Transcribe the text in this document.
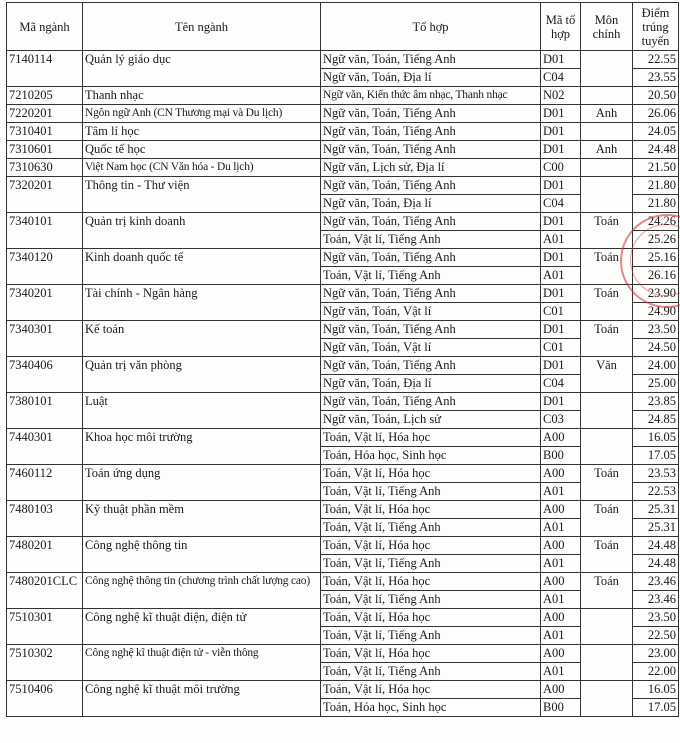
Mã ngành	Tên ngành	Tổ hợp	Mã tổ hợp	Môn chính	Điểm trúng tuyển
7140114	Quản lý giáo dục	Ngữ văn, Toán, Tiếng Anh	D01		22.55
		Ngữ văn, Toán, Địa lí	C04		23.55
7210205	Thanh nhạc	Ngữ văn, Kiến thức âm nhạc, Thanh nhạc	N02		20.50
7220201	Ngôn ngữ Anh (CN Thương mại và Du lịch)	Ngữ văn, Toán, Tiếng Anh	D01	Anh	26.06
7310401	Tâm lí học	Ngữ văn, Toán, Tiếng Anh	D01		24.05
7310601	Quốc tế học	Ngữ văn, Toán, Tiếng Anh	D01	Anh	24.48
7310630	Việt Nam học (CN Văn hóa - Du lịch)	Ngữ văn, Lịch sử, Địa lí	C00		21.50
7320201	Thông tin - Thư viện	Ngữ văn, Toán, Tiếng Anh	D01		21.80
		Ngữ văn, Toán, Địa lí	C04		21.80
7340101	Quản trị kinh doanh	Ngữ văn, Toán, Tiếng Anh	D01	Toán	24.26
		Toán, Vật lí, Tiếng Anh	A01		25.26
7340120	Kinh doanh quốc tế	Ngữ văn, Toán, Tiếng Anh	D01	Toán	25.16
		Toán, Vật lí, Tiếng Anh	A01		26.16
7340201	Tài chính - Ngân hàng	Ngữ văn, Toán, Tiếng Anh	D01	Toán	23.90
		Ngữ văn, Toán, Vật lí	C01		24.90
7340301	Kế toán	Ngữ văn, Toán, Tiếng Anh	D01	Toán	23.50
		Ngữ văn, Toán, Vật lí	C01		24.50
7340406	Quản trị văn phòng	Ngữ văn, Toán, Tiếng Anh	D01	Văn	24.00
		Ngữ văn, Toán, Địa lí	C04		25.00
7380101	Luật	Ngữ văn, Toán, Tiếng Anh	D01		23.85
		Ngữ văn, Toán, Lịch sử	C03		24.85
7440301	Khoa học môi trường	Toán, Vật lí, Hóa học	A00		16.05
		Toán, Hóa học, Sinh học	B00		17.05
7460112	Toán ứng dụng	Toán, Vật lí, Hóa học	A00	Toán	23.53
		Toán, Vật lí, Tiếng Anh	A01		22.53
7480103	Kỹ thuật phần mềm	Toán, Vật lí, Hóa học	A00	Toán	25.31
		Toán, Vật lí, Tiếng Anh	A01		25.31
7480201	Công nghệ thông tin	Toán, Vật lí, Hóa học	A00	Toán	24.48
		Toán, Vật lí, Tiếng Anh	A01		24.48
7480201CLC	Công nghệ thông tin (chương trình chất lượng cao)	Toán, Vật lí, Hóa học	A00	Toán	23.46
		Toán, Vật lí, Tiếng Anh	A01		23.46
7510301	Công nghệ kĩ thuật điện, điện tử	Toán, Vật lí, Hóa học	A00		23.50
		Toán, Vật lí, Tiếng Anh	A01		22.50
7510302	Công nghệ kĩ thuật điện tử - viễn thông	Toán, Vật lí, Hóa học	A00		23.00
		Toán, Vật lí, Tiếng Anh	A01		22.00
7510406	Công nghệ kĩ thuật môi trường	Toán, Vật lí, Hóa học	A00		16.05
		Toán, Hóa học, Sinh học	B00		17.05
